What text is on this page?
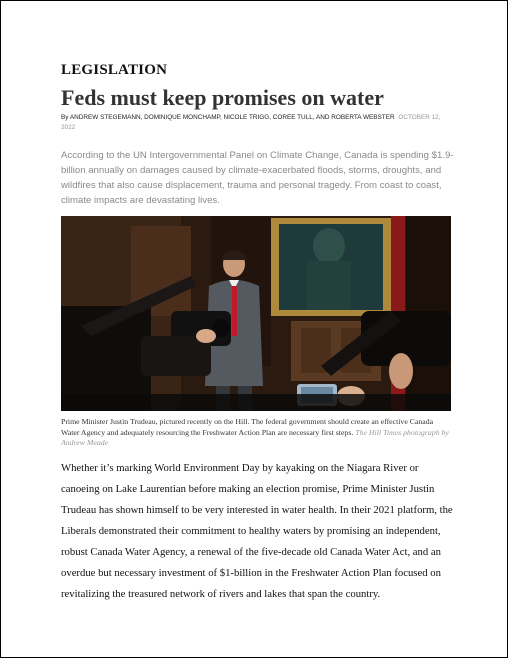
LEGISLATION
Feds must keep promises on water
By ANDREW STEGEMANN, DOMINIQUE MONCHAMP, NICOLE TRIGG, COREE TULL, AND ROBERTA WEBSTER OCTOBER 12, 2022

According to the UN Intergovernmental Panel on Climate Change, Canada is spending $1.9-billion annually on damages caused by climate-exacerbated floods, storms, droughts, and wildfires that also cause displacement, trauma and personal tragedy. From coast to coast, climate impacts are devastating lives.

Prime Minister Justin Trudeau, pictured recently on the Hill. The federal government should create an effective Canada Water Agency and adequately resourcing the Freshwater Action Plan are necessary first steps. The Hill Times photograph by Andrew Meade

Whether it’s marking World Environment Day by kayaking on the Niagara River or canoeing on Lake Laurentian before making an election promise, Prime Minister Justin Trudeau has shown himself to be very interested in water health. In their 2021 platform, the Liberals demonstrated their commitment to healthy waters by promising an independent, robust Canada Water Agency, a renewal of the five-decade old Canada Water Act, and an overdue but necessary investment of $1-billion in the Freshwater Action Plan focused on revitalizing the treasured network of rivers and lakes that span the country.
